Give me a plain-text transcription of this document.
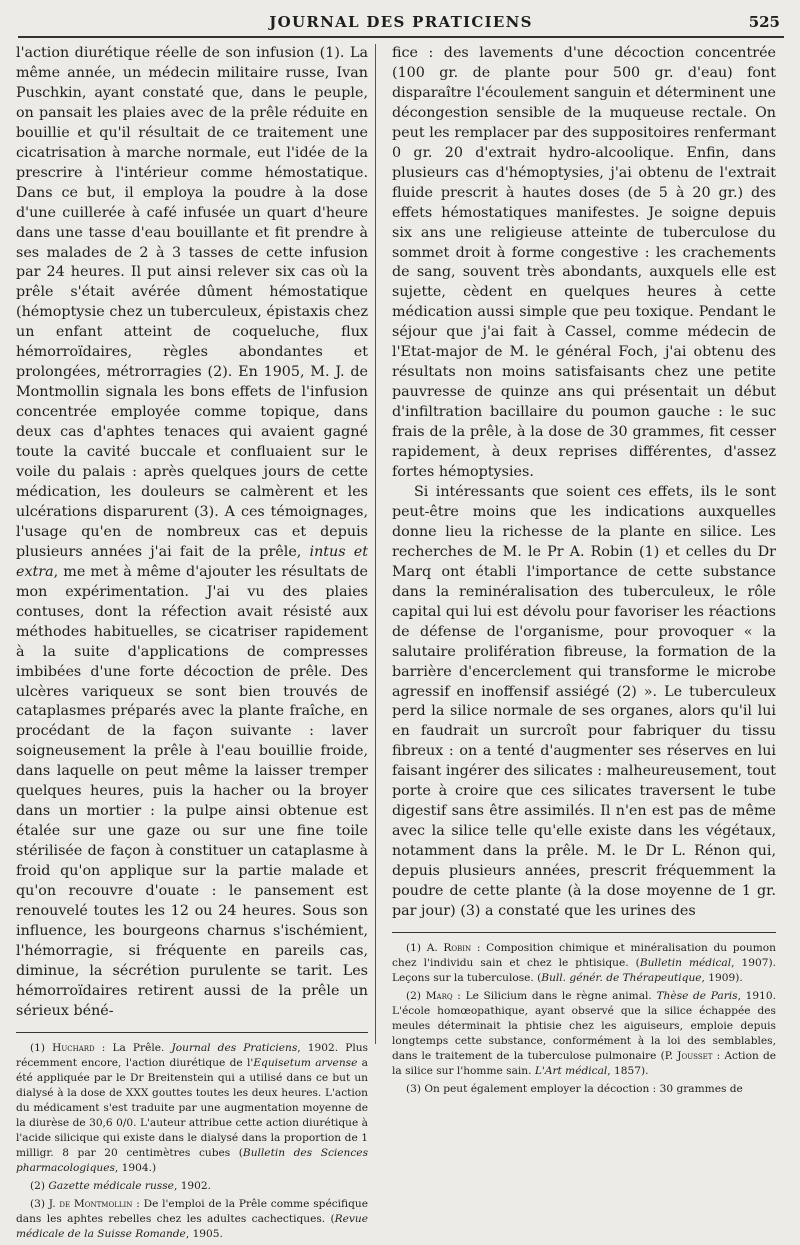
JOURNAL DES PRATICIENS	525

l'action diurétique réelle de son infusion (1). La même année, un médecin militaire russe, Ivan Puschkin, ayant constaté que, dans le peuple, on pansait les plaies avec de la prêle réduite en bouillie et qu'il résultait de ce traitement une cicatrisation à marche normale, eut l'idée de la prescrire à l'intérieur comme hémostatique. Dans ce but, il employa la poudre à la dose d'une cuillerée à café infusée un quart d'heure dans une tasse d'eau bouillante et fit prendre à ses malades de 2 à 3 tasses de cette infusion par 24 heures. Il put ainsi relever six cas où la prêle s'était avérée dûment hémostatique (hémoptysie chez un tuberculeux, épistaxis chez un enfant atteint de coqueluche, flux hémorroïdaires, règles abondantes et prolongées, métrorragies (2). En 1905, M. J. de Montmollin signala les bons effets de l'infusion concentrée employée comme topique, dans deux cas d'aphtes tenaces qui avaient gagné toute la cavité buccale et confluaient sur le voile du palais : après quelques jours de cette médication, les douleurs se calmèrent et les ulcérations disparurent (3). A ces témoignages, l'usage qu'en de nombreux cas et depuis plusieurs années j'ai fait de la prêle, intus et extra, me met à même d'ajouter les résultats de mon expérimentation. J'ai vu des plaies contuses, dont la réfection avait résisté aux méthodes habituelles, se cicatriser rapidement à la suite d'applications de compresses imbibées d'une forte décoction de prêle. Des ulcères variqueux se sont bien trouvés de cataplasmes préparés avec la plante fraîche, en procédant de la façon suivante : laver soigneusement la prêle à l'eau bouillie froide, dans laquelle on peut même la laisser tremper quelques heures, puis la hacher ou la broyer dans un mortier : la pulpe ainsi obtenue est étalée sur une gaze ou sur une fine toile stérilisée de façon à constituer un cataplasme à froid qu'on applique sur la partie malade et qu'on recouvre d'ouate : le pansement est renouvelé toutes les 12 ou 24 heures. Sous son influence, les bourgeons charnus s'ischémient, l'hémorragie, si fréquente en pareils cas, diminue, la sécrétion purulente se tarit. Les hémorroïdaires retirent aussi de la prêle un sérieux béné-

(1) Huchard : La Prêle. Journal des Praticiens, 1902. Plus récemment encore, l'action diurétique de l'Equisetum arvense a été appliquée par le Dr Breitenstein qui a utilisé dans ce but un dialysé à la dose de XXX gouttes toutes les deux heures. L'action du médicament s'est traduite par une augmentation moyenne de la diurèse de 30,6 0/0. L'auteur attribue cette action diurétique à l'acide silicique qui existe dans le dialysé dans la proportion de 1 milligr. 8 par 20 centimètres cubes (Bulletin des Sciences pharmacologiques, 1904.)

(2) Gazette médicale russe, 1902.

(3) J. de Montmollin : De l'emploi de la Prêle comme spécifique dans les aphtes rebelles chez les adultes cachectiques. (Revue médicale de la Suisse Romande, 1905.

fice : des lavements d'une décoction concentrée (100 gr. de plante pour 500 gr. d'eau) font disparaître l'écoulement sanguin et déterminent une décongestion sensible de la muqueuse rectale. On peut les remplacer par des suppositoires renfermant 0 gr. 20 d'extrait hydro-alcoolique. Enfin, dans plusieurs cas d'hémoptysies, j'ai obtenu de l'extrait fluide prescrit à hautes doses (de 5 à 20 gr.) des effets hémostatiques manifestes. Je soigne depuis six ans une religieuse atteinte de tuberculose du sommet droit à forme congestive : les crachements de sang, souvent très abondants, auxquels elle est sujette, cèdent en quelques heures à cette médication aussi simple que peu toxique. Pendant le séjour que j'ai fait à Cassel, comme médecin de l'Etat-major de M. le général Foch, j'ai obtenu des résultats non moins satisfaisants chez une petite pauvresse de quinze ans qui présentait un début d'infiltration bacillaire du poumon gauche : le suc frais de la prêle, à la dose de 30 grammes, fit cesser rapidement, à deux reprises différentes, d'assez fortes hémoptysies.

Si intéressants que soient ces effets, ils le sont peut-être moins que les indications auxquelles donne lieu la richesse de la plante en silice. Les recherches de M. le Pr A. Robin (1) et celles du Dr Marq ont établi l'importance de cette substance dans la reminéralisation des tuberculeux, le rôle capital qui lui est dévolu pour favoriser les réactions de défense de l'organisme, pour provoquer « la salutaire prolifération fibreuse, la formation de la barrière d'encerclement qui transforme le microbe agressif en inoffensif assiégé (2) ». Le tuberculeux perd la silice normale de ses organes, alors qu'il lui en faudrait un surcroît pour fabriquer du tissu fibreux : on a tenté d'augmenter ses réserves en lui faisant ingérer des silicates : malheureusement, tout porte à croire que ces silicates traversent le tube digestif sans être assimilés. Il n'en est pas de même avec la silice telle qu'elle existe dans les végétaux, notamment dans la prêle. M. le Dr L. Rénon qui, depuis plusieurs années, prescrit fréquemment la poudre de cette plante (à la dose moyenne de 1 gr. par jour) (3) a constaté que les urines des

(1) A. Robin : Composition chimique et minéralisation du poumon chez l'individu sain et chez le phtisique. (Bulletin médical, 1907). Leçons sur la tuberculose. (Bull. génér. de Thérapeutique, 1909).

(2) Marq : Le Silicium dans le règne animal. Thèse de Paris, 1910. L'école homœopathique, ayant observé que la silice échappée des meules déterminait la phtisie chez les aiguiseurs, emploie depuis longtemps cette substance, conformément à la loi des semblables, dans le traitement de la tuberculose pulmonaire (P. Jousset : Action de la silice sur l'homme sain. L'Art médical, 1857).

(3) On peut également employer la décoction : 30 grammes de
